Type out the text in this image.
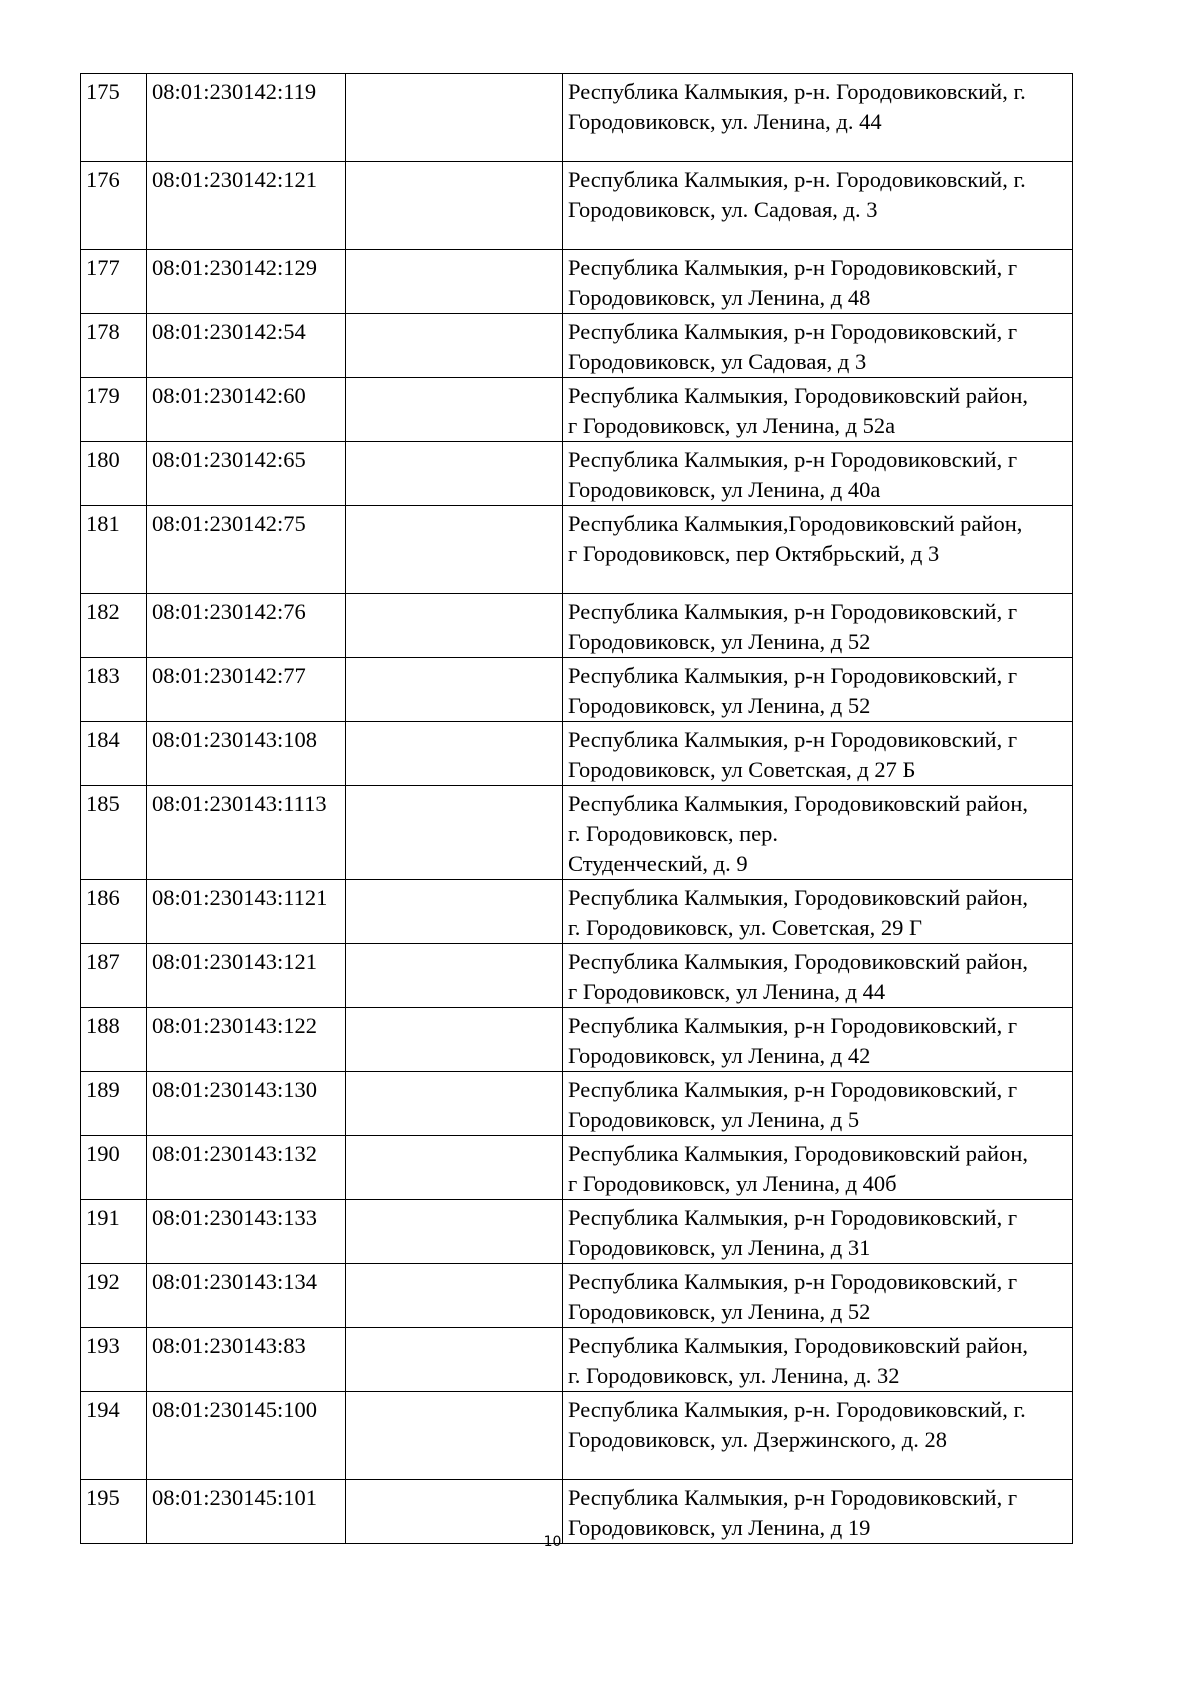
175	08:01:230142:119		Республика Калмыкия, р-н. Городовиковский, г.
Городовиковск, ул. Ленина, д. 44

176	08:01:230142:121		Республика Калмыкия, р-н. Городовиковский, г.
Городовиковск, ул. Садовая, д. 3

177	08:01:230142:129		Республика Калмыкия, р-н Городовиковский, г
Городовиковск, ул Ленина, д 48

178	08:01:230142:54		Республика Калмыкия, р-н Городовиковский, г
Городовиковск, ул Садовая, д 3

179	08:01:230142:60		Республика Калмыкия, Городовиковский район,
г Городовиковск, ул Ленина, д 52а

180	08:01:230142:65		Республика Калмыкия, р-н Городовиковский, г
Городовиковск, ул Ленина, д 40а

181	08:01:230142:75		Республика Калмыкия,Городовиковский район,
г Городовиковск, пер Октябрьский, д 3

182	08:01:230142:76		Республика Калмыкия, р-н Городовиковский, г
Городовиковск, ул Ленина, д 52

183	08:01:230142:77		Республика Калмыкия, р-н Городовиковский, г
Городовиковск, ул Ленина, д 52

184	08:01:230143:108		Республика Калмыкия, р-н Городовиковский, г
Городовиковск, ул Советская, д 27 Б

185	08:01:230143:1113		Республика Калмыкия, Городовиковский район,
г. Городовиковск, пер.
Студенческий, д. 9

186	08:01:230143:1121		Республика Калмыкия, Городовиковский район,
г. Городовиковск, ул. Советская, 29 Г

187	08:01:230143:121		Республика Калмыкия, Городовиковский район,
г Городовиковск, ул Ленина, д 44

188	08:01:230143:122		Республика Калмыкия, р-н Городовиковский, г
Городовиковск, ул Ленина, д 42

189	08:01:230143:130		Республика Калмыкия, р-н Городовиковский, г
Городовиковск, ул Ленина, д 5

190	08:01:230143:132		Республика Калмыкия, Городовиковский район,
г Городовиковск, ул Ленина, д 40б

191	08:01:230143:133		Республика Калмыкия, р-н Городовиковский, г
Городовиковск, ул Ленина, д 31

192	08:01:230143:134		Республика Калмыкия, р-н Городовиковский, г
Городовиковск, ул Ленина, д 52

193	08:01:230143:83		Республика Калмыкия, Городовиковский район,
г. Городовиковск, ул. Ленина, д. 32

194	08:01:230145:100		Республика Калмыкия, р-н. Городовиковский, г.
Городовиковск, ул. Дзержинского, д. 28

195	08:01:230145:101		Республика Калмыкия, р-н Городовиковский, г
Городовиковск, ул Ленина, д 19
10
